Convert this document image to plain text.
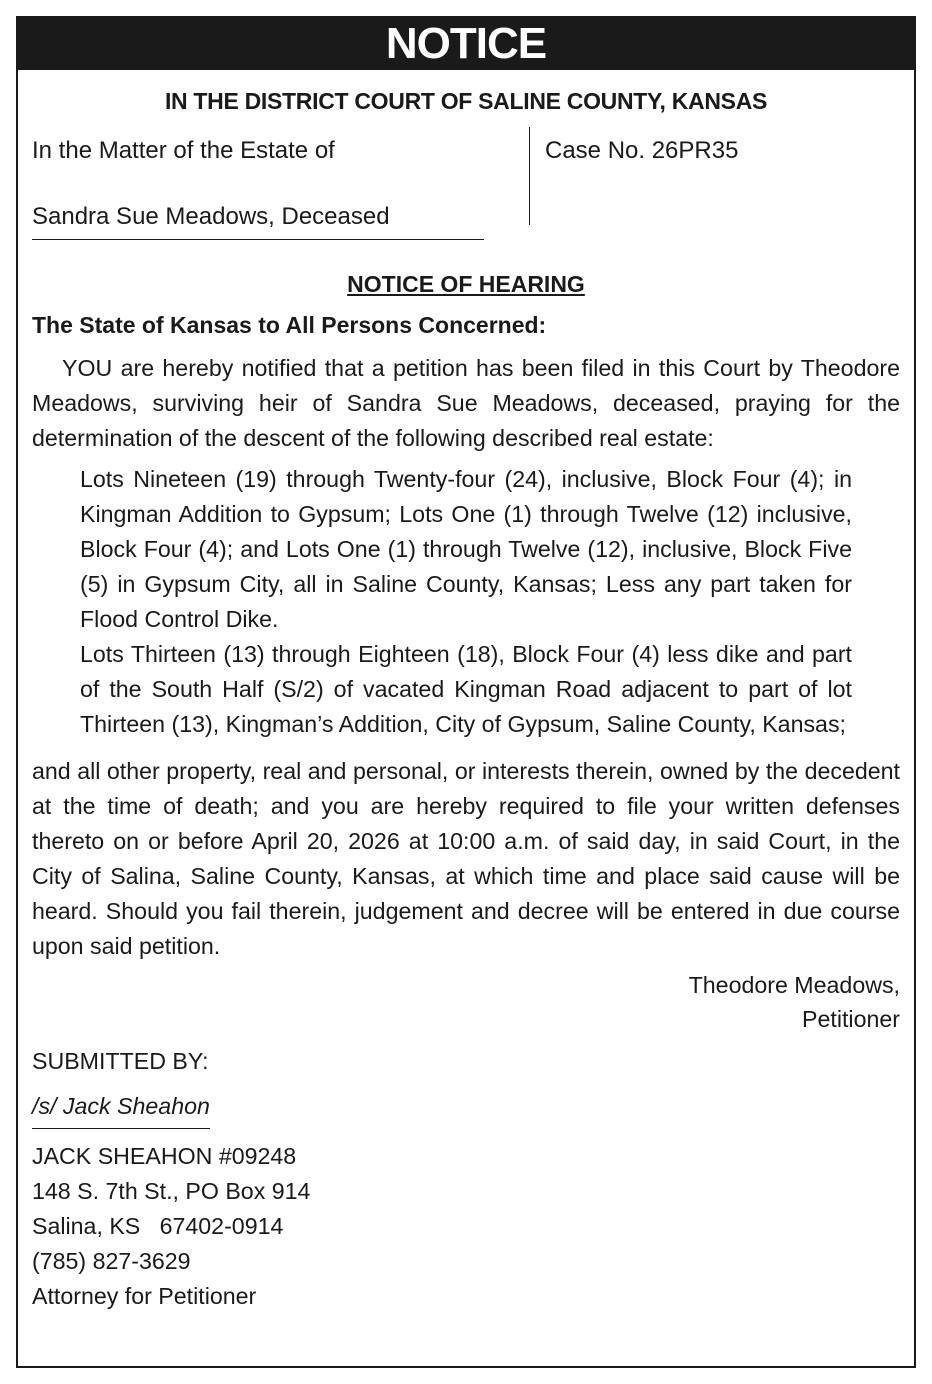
NOTICE
IN THE DISTRICT COURT OF SALINE COUNTY, KANSAS
In the Matter of the Estate of
Sandra Sue Meadows, Deceased
Case No. 26PR35
NOTICE OF HEARING
The State of Kansas to All Persons Concerned:
YOU are hereby notified that a petition has been filed in this Court by Theodore Meadows, surviving heir of Sandra Sue Meadows, deceased, praying for the determination of the descent of the following described real estate:

Lots Nineteen (19) through Twenty-four (24), inclusive, Block Four (4); in Kingman Addition to Gypsum; Lots One (1) through Twelve (12) inclusive, Block Four (4); and Lots One (1) through Twelve (12), inclusive, Block Five (5) in Gypsum City, all in Saline County, Kansas; Less any part taken for Flood Control Dike.

Lots Thirteen (13) through Eighteen (18), Block Four (4) less dike and part of the South Half (S/2) of vacated Kingman Road adjacent to part of lot Thirteen (13), Kingman’s Addition, City of Gypsum, Saline County, Kansas;

and all other property, real and personal, or interests therein, owned by the decedent at the time of death; and you are hereby required to file your written defenses thereto on or before April 20, 2026 at 10:00 a.m. of said day, in said Court, in the City of Salina, Saline County, Kansas, at which time and place said cause will be heard. Should you fail therein, judgement and decree will be entered in due course upon said petition.
Theodore Meadows,
Petitioner
SUBMITTED BY:
/s/ Jack Sheahon
JACK SHEAHON #09248
148 S. 7th St., PO Box 914
Salina, KS   67402-0914
(785) 827-3629
Attorney for Petitioner
